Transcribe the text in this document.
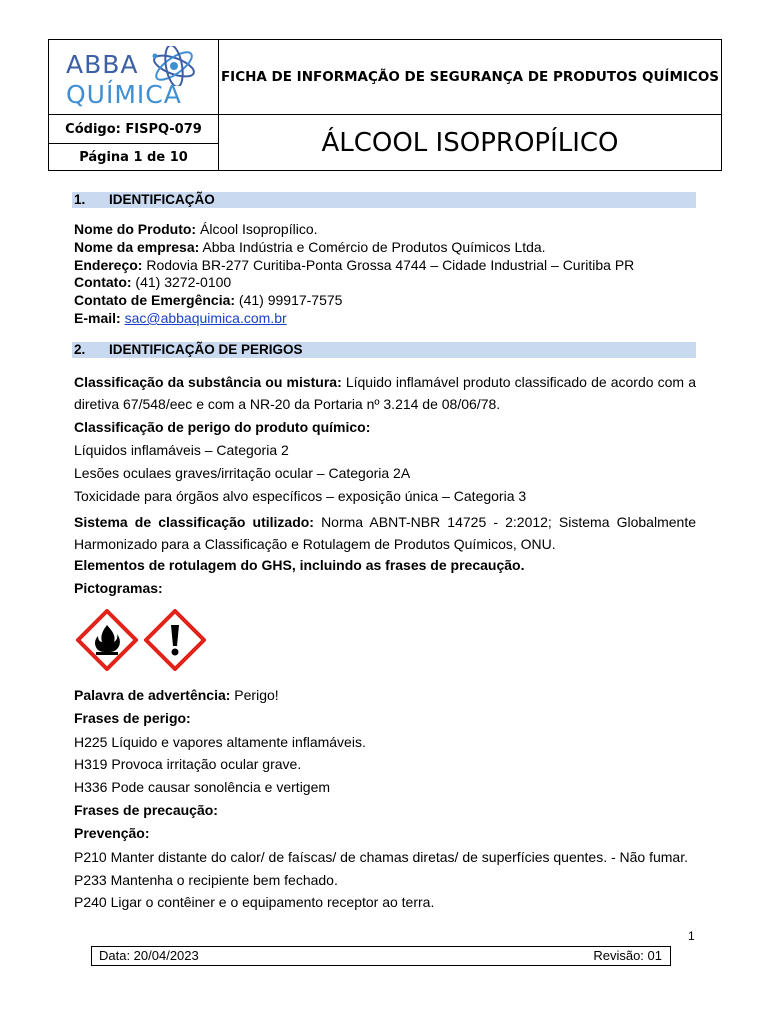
ABBA
QUÍMICA
FICHA DE INFORMAÇÃO DE SEGURANÇA DE PRODUTOS QUÍMICOS
Código: FISPQ-079
Página 1 de 10	ÁLCOOL ISOPROPÍLICO
1. IDENTIFICAÇÃO
Nome do Produto: Álcool Isopropílico.
Nome da empresa: Abba Indústria e Comércio de Produtos Químicos Ltda.
Endereço: Rodovia BR-277 Curitiba-Ponta Grossa 4744 – Cidade Industrial – Curitiba PR
Contato: (41) 3272-0100
Contato de Emergência: (41) 99917-7575
E-mail: sac@abbaquimica.com.br
2. IDENTIFICAÇÃO DE PERIGOS
Classificação da substância ou mistura: Líquido inflamável produto classificado de acordo com a diretiva 67/548/eec e com a NR-20 da Portaria nº 3.214 de 08/06/78.
Classificação de perigo do produto químico:
Líquidos inflamáveis – Categoria 2
Lesões oculaes graves/irritação ocular – Categoria 2A
Toxicidade para órgãos alvo específicos – exposição única – Categoria 3
Sistema de classificação utilizado: Norma ABNT-NBR 14725 - 2:2012; Sistema Globalmente Harmonizado para a Classificação e Rotulagem de Produtos Químicos, ONU.
Elementos de rotulagem do GHS, incluindo as frases de precaução.
Pictogramas:
Palavra de advertência: Perigo!
Frases de perigo:
H225 Líquido e vapores altamente inflamáveis.
H319 Provoca irritação ocular grave.
H336 Pode causar sonolência e vertigem
Frases de precaução:
Prevenção:
P210 Manter distante do calor/ de faíscas/ de chamas diretas/ de superfícies quentes. - Não fumar.
P233 Mantenha o recipiente bem fechado.
P240 Ligar o contêiner e o equipamento receptor ao terra.
1
Data: 20/04/2023	Revisão: 01
